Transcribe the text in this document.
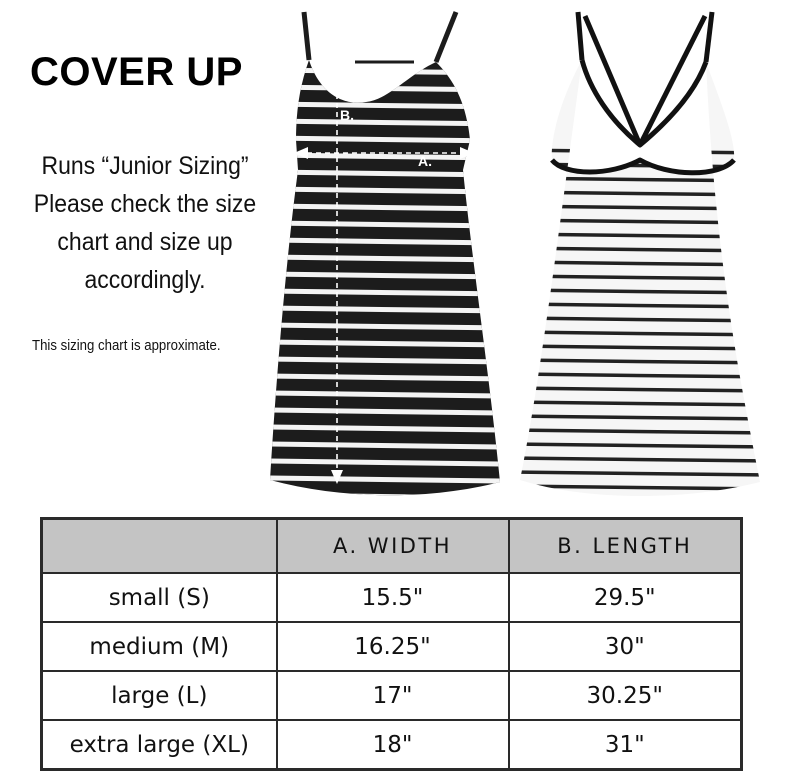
COVER UP
Runs “Junior Sizing”
Please check the size
chart and size up
accordingly.
This sizing chart is approximate.
B.
A.
	A. WIDTH	B. LENGTH
small (S)	15.5"	29.5"
medium (M)	16.25"	30"
large (L)	17"	30.25"
extra large (XL)	18"	31"
